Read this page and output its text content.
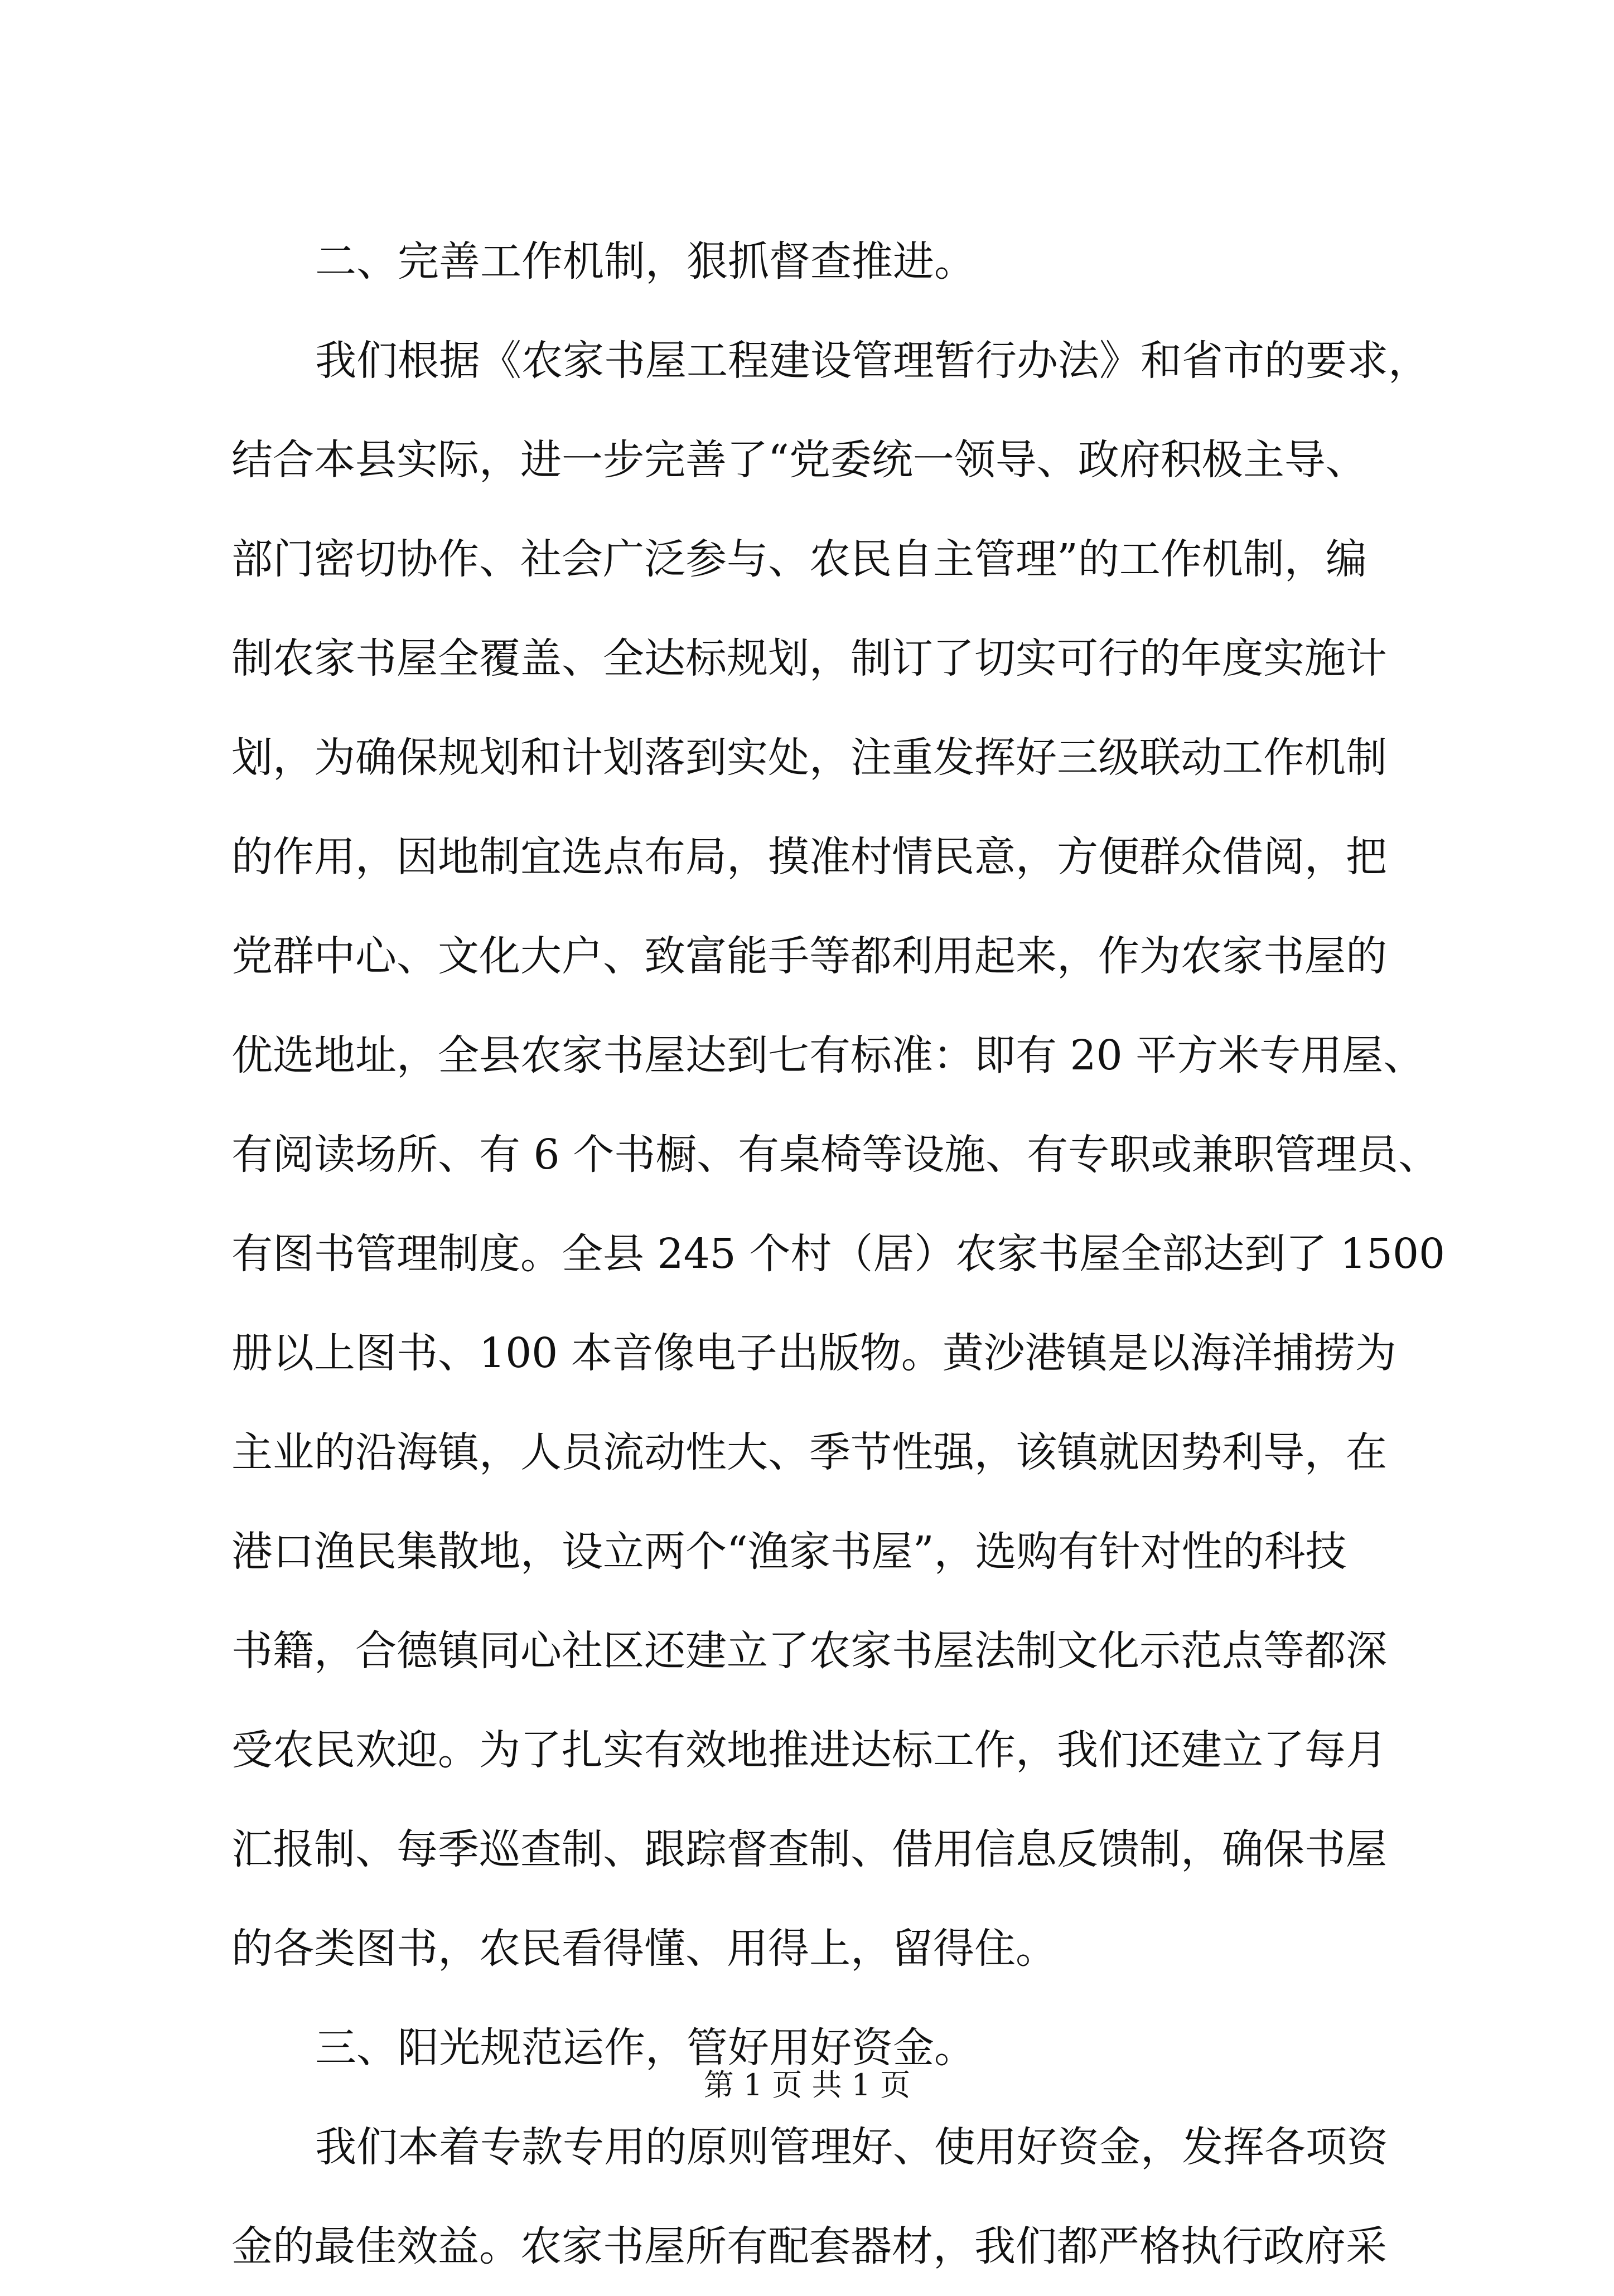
二、完善工作机制，狠抓督查推进。
我们根据《农家书屋工程建设管理暂行办法》和省市的要求，
结合本县实际，进一步完善了“党委统一领导、政府积极主导、
部门密切协作、社会广泛参与、农民自主管理”的工作机制，编
制农家书屋全覆盖、全达标规划，制订了切实可行的年度实施计
划，为确保规划和计划落到实处，注重发挥好三级联动工作机制
的作用，因地制宜选点布局，摸准村情民意，方便群众借阅，把
党群中心、文化大户、致富能手等都利用起来，作为农家书屋的
优选地址，全县农家书屋达到七有标准：即有 20 平方米专用屋、
有阅读场所、有 6 个书橱、有桌椅等设施、有专职或兼职管理员、
有图书管理制度。全县 245 个村（居）农家书屋全部达到了 1500
册以上图书、100 本音像电子出版物。黄沙港镇是以海洋捕捞为
主业的沿海镇，人员流动性大、季节性强，该镇就因势利导，在
港口渔民集散地，设立两个“渔家书屋”，选购有针对性的科技
书籍，合德镇同心社区还建立了农家书屋法制文化示范点等都深
受农民欢迎。为了扎实有效地推进达标工作，我们还建立了每月
汇报制、每季巡查制、跟踪督查制、借用信息反馈制，确保书屋
的各类图书，农民看得懂、用得上，留得住。
三、阳光规范运作，管好用好资金。
我们本着专款专用的原则管理好、使用好资金，发挥各项资
金的最佳效益。农家书屋所有配套器材，我们都严格执行政府采
第 1 页 共 1 页
